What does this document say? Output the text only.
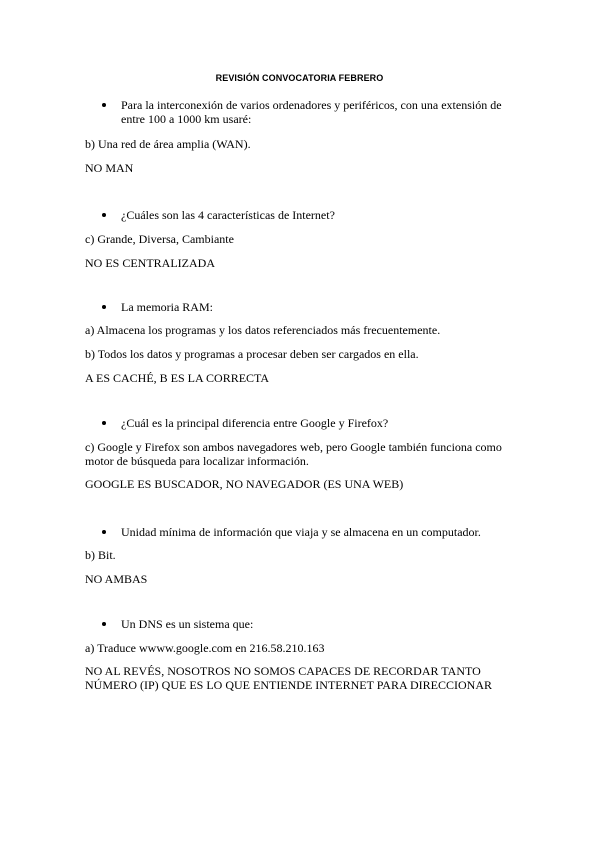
REVISIÓN CONVOCATORIA FEBRERO
Para la interconexión de varios ordenadores y periféricos, con una extensión de entre 100 a 1000 km usaré:
b) Una red de área amplia (WAN).
NO MAN
¿Cuáles son las 4 características de Internet?
c) Grande, Diversa, Cambiante
NO ES CENTRALIZADA
La memoria RAM:
a) Almacena los programas y los datos referenciados más frecuentemente.
b) Todos los datos y programas a procesar deben ser cargados en ella.
A ES CACHÉ, B ES LA CORRECTA
¿Cuál es la principal diferencia entre Google y Firefox?
c) Google y Firefox son ambos navegadores web, pero Google también funciona como motor de búsqueda para localizar información.
GOOGLE ES BUSCADOR, NO NAVEGADOR (ES UNA WEB)
Unidad mínima de información que viaja y se almacena en un computador.
b) Bit.
NO AMBAS
Un DNS es un sistema que:
a) Traduce wwww.google.com en 216.58.210.163
NO AL REVÉS, NOSOTROS NO SOMOS CAPACES DE RECORDAR TANTO NÚMERO (IP) QUE ES LO QUE ENTIENDE INTERNET PARA DIRECCIONAR
